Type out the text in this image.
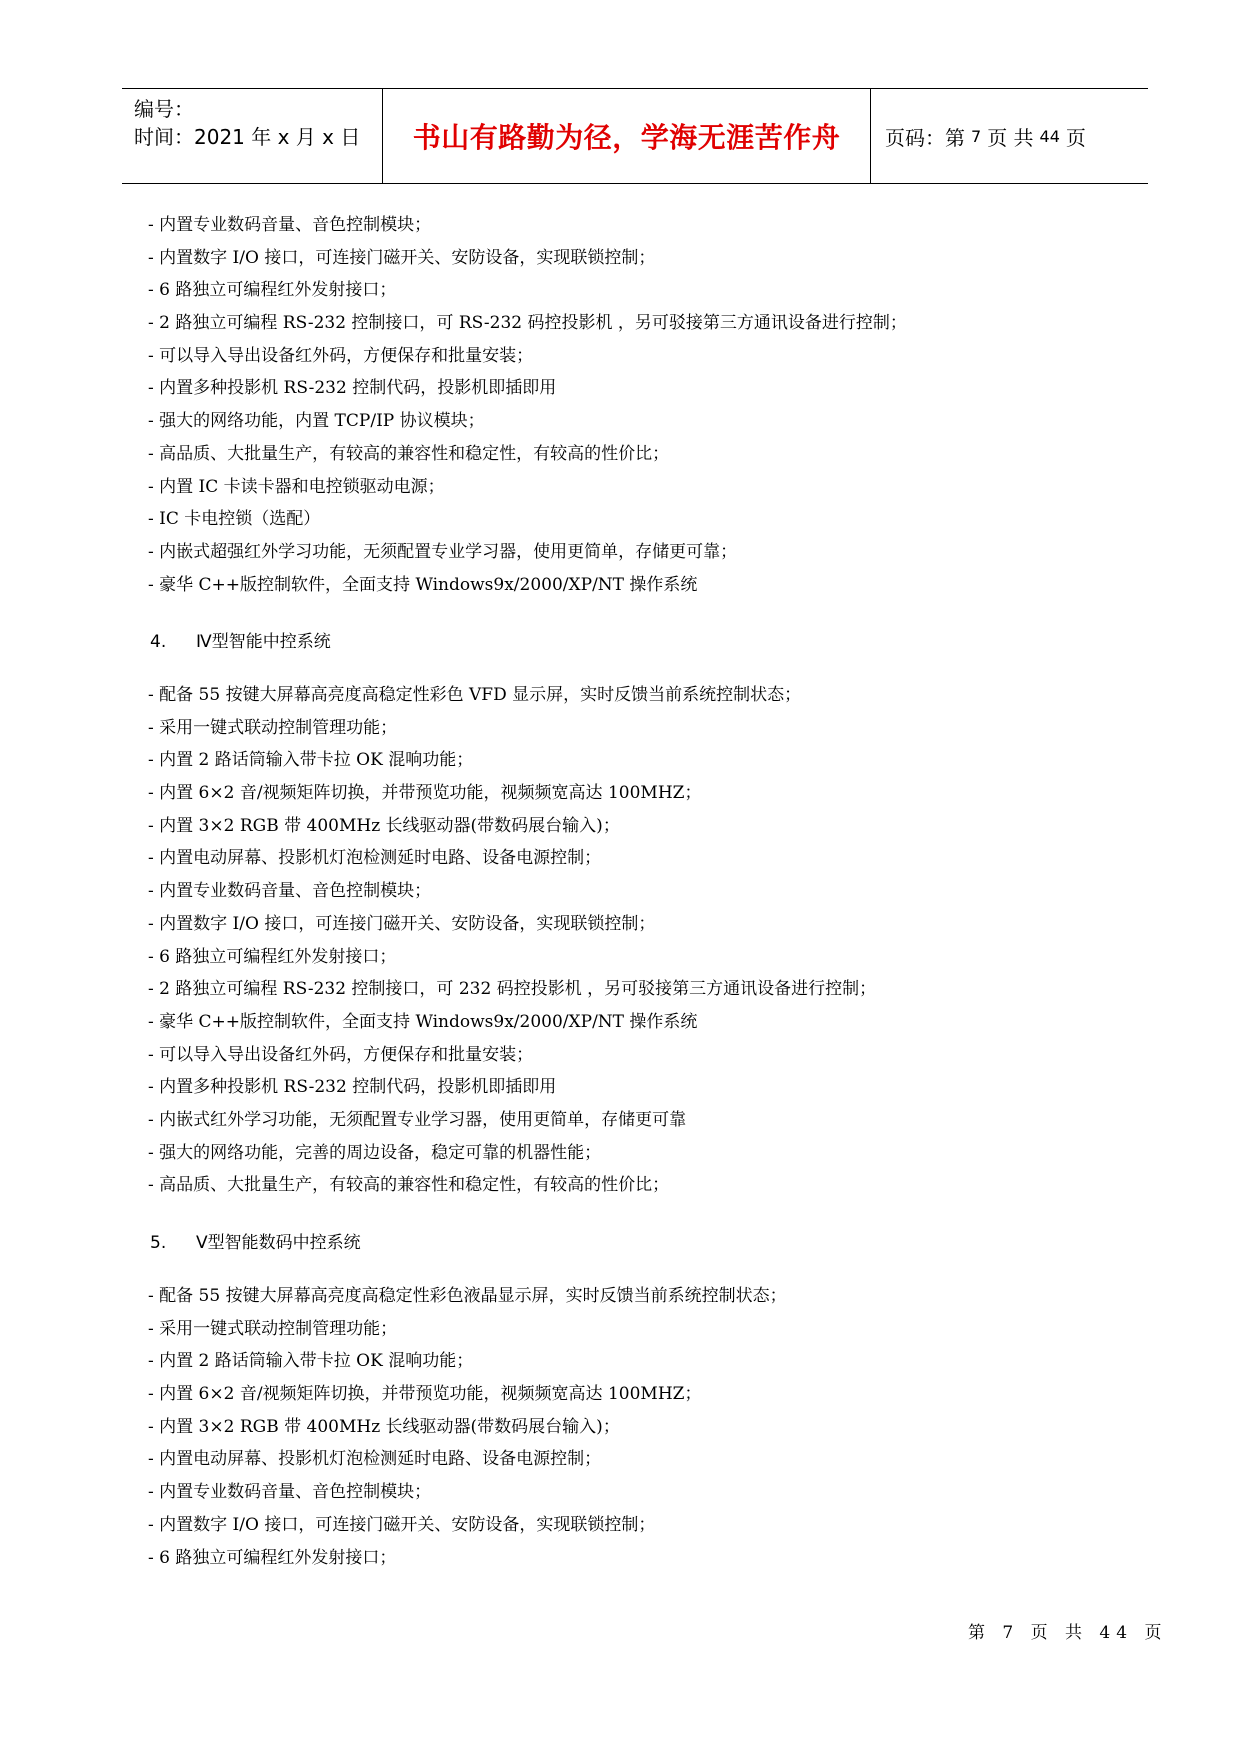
编号：
时间：2021 年 x 月 x 日	书山有路勤为径，学海无涯苦作舟	页码：第 7 页 共 44 页
- 内置专业数码音量、音色控制模块；
- 内置数字 I/O 接口，可连接门磁开关、安防设备，实现联锁控制；
- 6 路独立可编程红外发射接口；
- 2 路独立可编程 RS-232 控制接口，可 RS-232 码控投影机 ，另可驳接第三方通讯设备进行控制；
- 可以导入导出设备红外码，方便保存和批量安装；
- 内置多种投影机 RS-232 控制代码，投影机即插即用
- 强大的网络功能，内置 TCP/IP 协议模块；
- 高品质、大批量生产，有较高的兼容性和稳定性，有较高的性价比；
- 内置 IC 卡读卡器和电控锁驱动电源；
- IC 卡电控锁（选配）
- 内嵌式超强红外学习功能，无须配置专业学习器，使用更简单，存储更可靠；
- 豪华 C++版控制软件，全面支持 Windows9x/2000/XP/NT 操作系统
4. Ⅳ型智能中控系统
- 配备 55 按键大屏幕高亮度高稳定性彩色 VFD 显示屏，实时反馈当前系统控制状态；
- 采用一键式联动控制管理功能；
- 内置 2 路话筒输入带卡拉 OK 混响功能；
- 内置 6×2 音/视频矩阵切换，并带预览功能，视频频宽高达 100MHZ；
- 内置 3×2 RGB 带 400MHz 长线驱动器(带数码展台输入)；
- 内置电动屏幕、投影机灯泡检测延时电路、设备电源控制；
- 内置专业数码音量、音色控制模块；
- 内置数字 I/O 接口，可连接门磁开关、安防设备，实现联锁控制；
- 6 路独立可编程红外发射接口；
- 2 路独立可编程 RS-232 控制接口，可 232 码控投影机 ，另可驳接第三方通讯设备进行控制；
- 豪华 C++版控制软件，全面支持 Windows9x/2000/XP/NT 操作系统
- 可以导入导出设备红外码，方便保存和批量安装；
- 内置多种投影机 RS-232 控制代码，投影机即插即用
- 内嵌式红外学习功能，无须配置专业学习器，使用更简单，存储更可靠
- 强大的网络功能，完善的周边设备，稳定可靠的机器性能；
- 高品质、大批量生产，有较高的兼容性和稳定性，有较高的性价比；
5. Ⅴ型智能数码中控系统
- 配备 55 按键大屏幕高亮度高稳定性彩色液晶显示屏，实时反馈当前系统控制状态；
- 采用一键式联动控制管理功能；
- 内置 2 路话筒输入带卡拉 OK 混响功能；
- 内置 6×2 音/视频矩阵切换，并带预览功能，视频频宽高达 100MHZ；
- 内置 3×2 RGB 带 400MHz 长线驱动器(带数码展台输入)；
- 内置电动屏幕、投影机灯泡检测延时电路、设备电源控制；
- 内置专业数码音量、音色控制模块；
- 内置数字 I/O 接口，可连接门磁开关、安防设备，实现联锁控制；
- 6 路独立可编程红外发射接口；
第 7 页 共 44 页
